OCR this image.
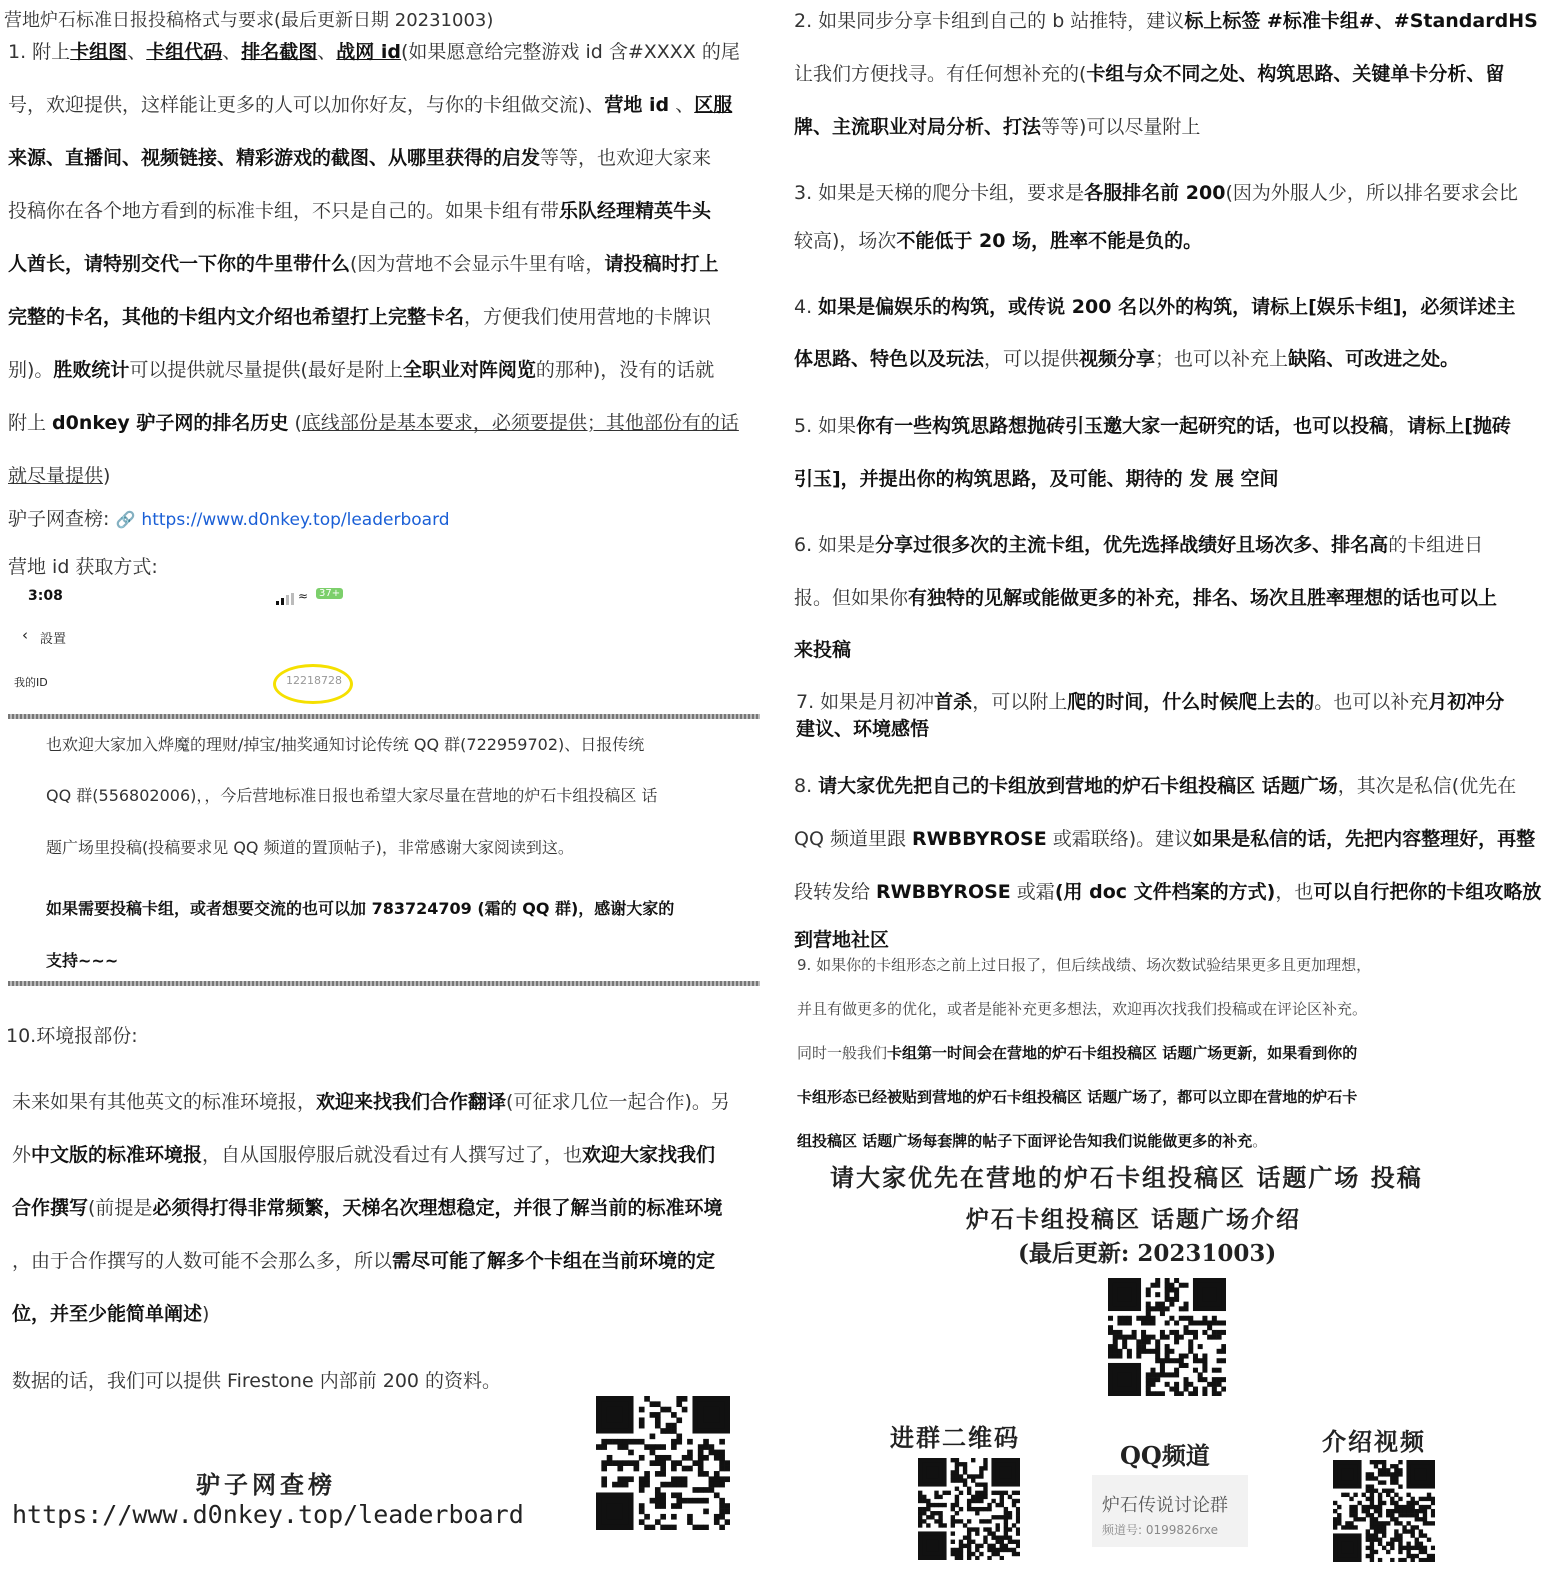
营地炉石标准日报投稿格式与要求(最后更新日期 20231003)
1. 附上卡组图、卡组代码、排名截图、战网 id(如果愿意给完整游戏 id 含#XXXX 的尾
号，欢迎提供，这样能让更多的人可以加你好友，与你的卡组做交流)、营地 id 、区服
来源、直播间、视频链接、精彩游戏的截图、从哪里获得的启发等等，也欢迎大家来
投稿你在各个地方看到的标准卡组，不只是自己的。如果卡组有带乐队经理精英牛头
人酋长，请特别交代一下你的牛里带什么(因为营地不会显示牛里有啥，请投稿时打上
完整的卡名，其他的卡组内文介绍也希望打上完整卡名，方便我们使用营地的卡牌识
别)。胜败统计可以提供就尽量提供(最好是附上全职业对阵阅览的那种)，没有的话就
附上 d0nkey 驴子网的排名历史 (底线部份是基本要求，必须要提供；其他部份有的话
就尽量提供)
驴子网查榜: 🔗 https://www.d0nkey.top/leaderboard
营地 id 获取方式:
3:08	≈	37+
‹ 設置
我的ID	12218728
也欢迎大家加入烨魔的理财/掉宝/抽奖通知讨论传统 QQ 群(722959702)、日报传统
QQ 群(556802006)，，今后营地标准日报也希望大家尽量在营地的炉石卡组投稿区 话
题广场里投稿(投稿要求见 QQ 频道的置顶帖子)，非常感谢大家阅读到这。
如果需要投稿卡组，或者想要交流的也可以加 783724709 (霜的 QQ 群)，感谢大家的
支持~~~
10.环境报部份:
未来如果有其他英文的标准环境报，欢迎来找我们合作翻译(可征求几位一起合作)。另
外中文版的标准环境报，自从国服停服后就没看过有人撰写过了，也欢迎大家找我们
合作撰写(前提是必须得打得非常频繁，天梯名次理想稳定，并很了解当前的标准环境
，由于合作撰写的人数可能不会那么多，所以需尽可能了解多个卡组在当前环境的定
位，并至少能简单阐述)
数据的话，我们可以提供 Firestone 内部前 200 的资料。
驴子网查榜
https://www.d0nkey.top/leaderboard
2. 如果同步分享卡组到自己的 b 站推特，建议标上标签 #标准卡组#、#StandardHS
让我们方便找寻。有任何想补充的(卡组与众不同之处、构筑思路、关键单卡分析、留
牌、主流职业对局分析、打法等等)可以尽量附上
3. 如果是天梯的爬分卡组，要求是各服排名前 200(因为外服人少，所以排名要求会比
较高)，场次不能低于 20 场，胜率不能是负的。
4. 如果是偏娱乐的构筑，或传说 200 名以外的构筑，请标上[娱乐卡组]，必须详述主
体思路、特色以及玩法，可以提供视频分享；也可以补充上缺陷、可改进之处。
5. 如果你有一些构筑思路想抛砖引玉邀大家一起研究的话，也可以投稿，请标上[抛砖
引玉]，并提出你的构筑思路，及可能、期待的 发 展 空间
6. 如果是分享过很多次的主流卡组，优先选择战绩好且场次多、排名高的卡组进日
报。但如果你有独特的见解或能做更多的补充，排名、场次且胜率理想的话也可以上
来投稿
7. 如果是月初冲首杀，可以附上爬的时间，什么时候爬上去的。也可以补充月初冲分
建议、环境感悟
8. 请大家优先把自己的卡组放到营地的炉石卡组投稿区 话题广场，其次是私信(优先在
QQ 频道里跟 RWBBYROSE 或霜联络)。建议如果是私信的话，先把内容整理好，再整
段转发给 RWBBYROSE 或霜(用 doc 文件档案的方式)，也可以自行把你的卡组攻略放
到营地社区
9. 如果你的卡组形态之前上过日报了，但后续战绩、场次数试验结果更多且更加理想，
并且有做更多的优化，或者是能补充更多想法，欢迎再次找我们投稿或在评论区补充。
同时一般我们卡组第一时间会在营地的炉石卡组投稿区 话题广场更新，如果看到你的
卡组形态已经被贴到营地的炉石卡组投稿区 话题广场了，都可以立即在营地的炉石卡
组投稿区 话题广场每套牌的帖子下面评论告知我们说能做更多的补充。
请大家优先在营地的炉石卡组投稿区 话题广场 投稿
炉石卡组投稿区 话题广场介绍
(最后更新: 20231003)
进群二维码
QQ频道	介绍视频
炉石传说讨论群
频道号: 0199826rxe
